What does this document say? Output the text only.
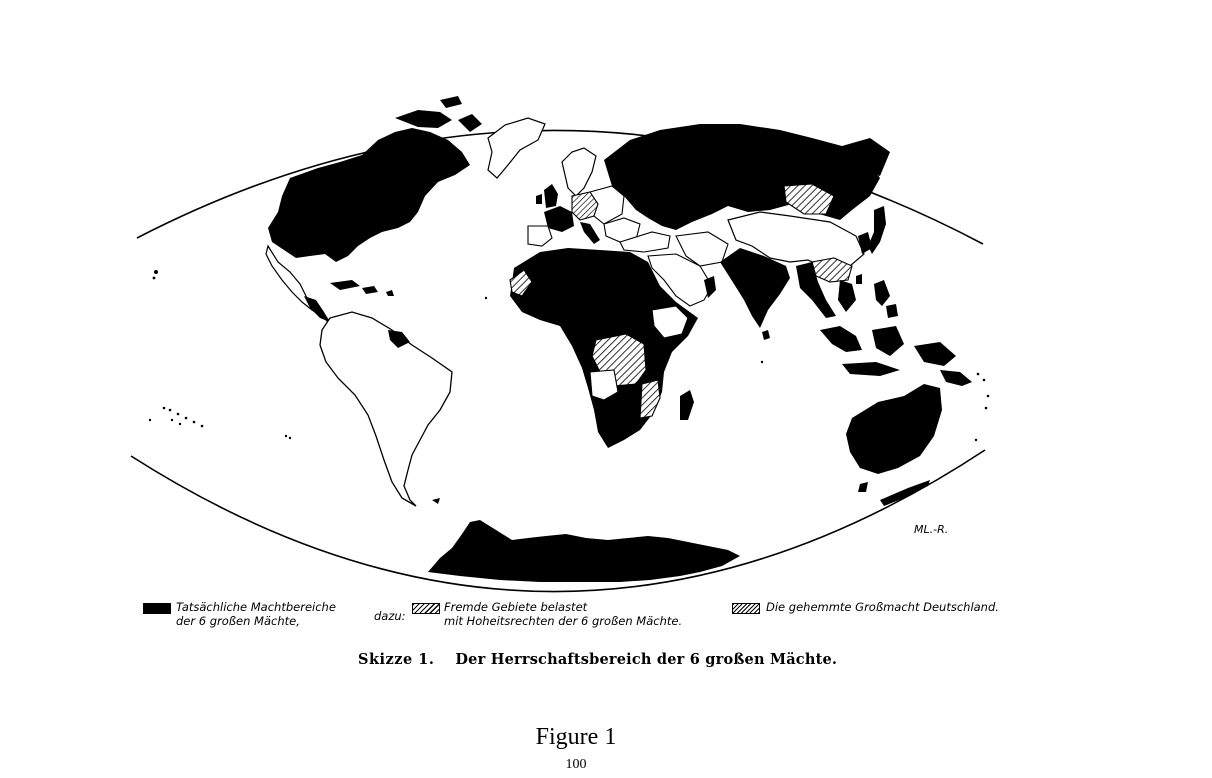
ML.-R.
Tatsächliche Machtbereiche
der 6 großen Mächte,	dazu:
Fremde Gebiete belastet
mit Hoheitsrechten der 6 großen Mächte.
Die gehemmte Großmacht Deutschland.
Skizze 1. Der Herrschaftsbereich der 6 großen Mächte.
Figure 1
100
